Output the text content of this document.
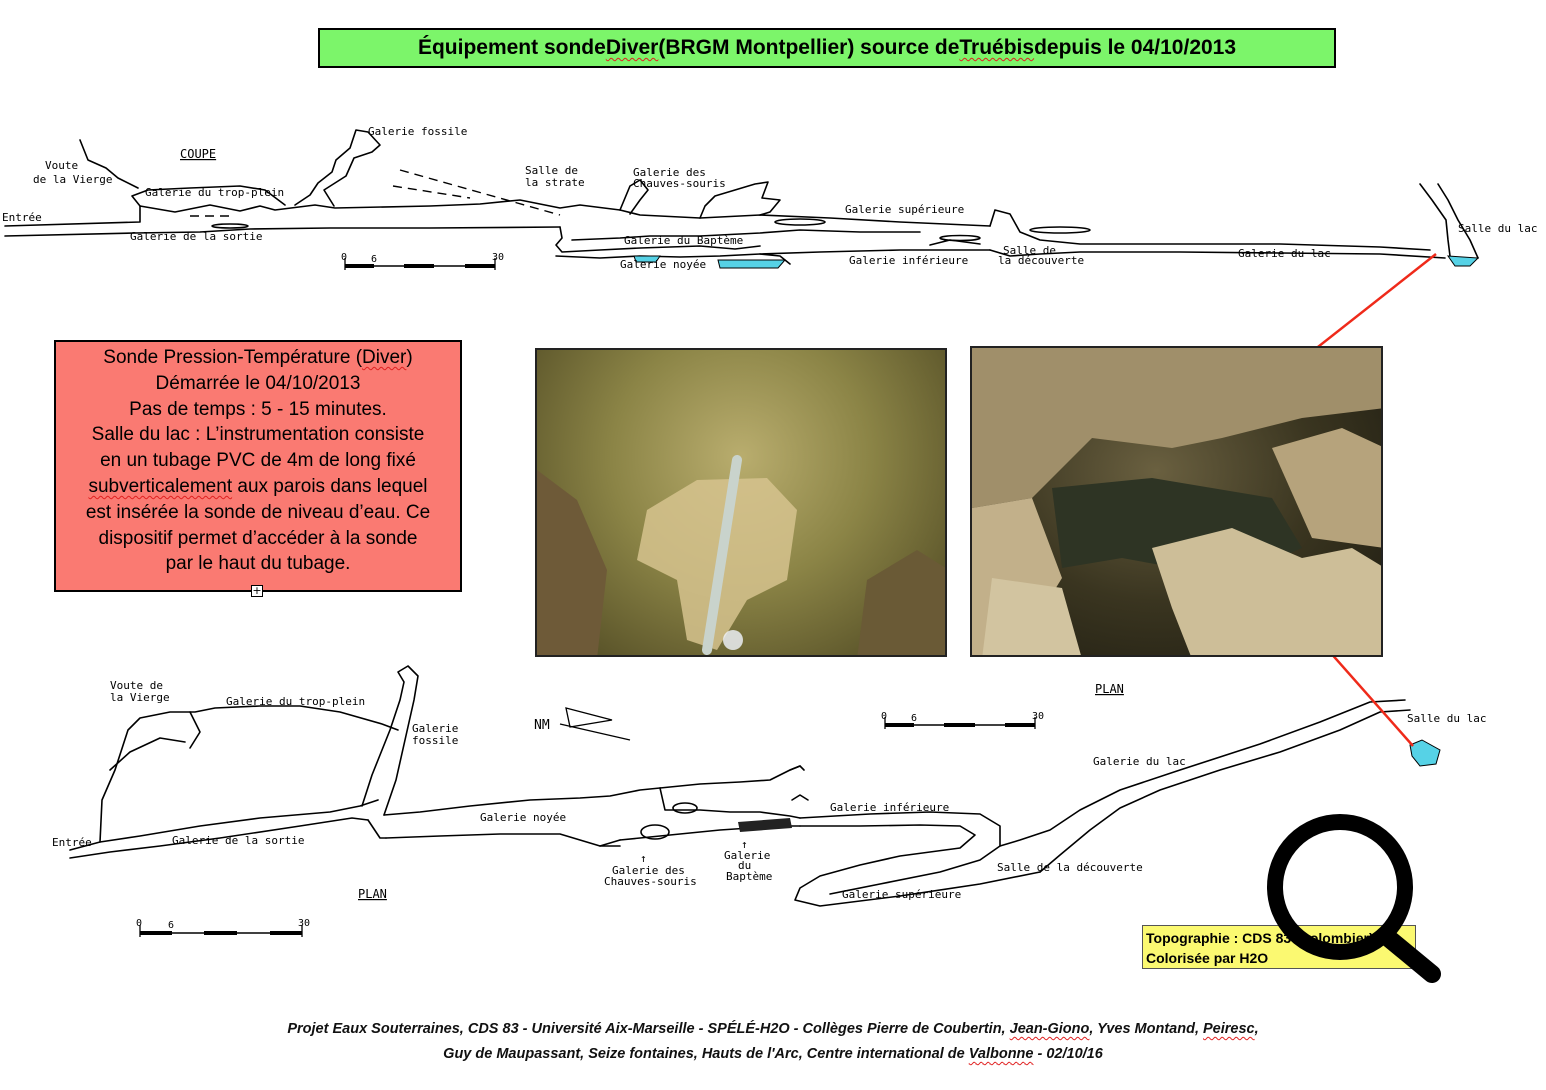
Équipement sonde Diver (BRGM Montpellier) source de Truébis depuis le 04/10/2013
COUPE
Voute
de la Vierge
Galerie fossile
Galerie du trop-plein
Entrée
Galerie de la sortie
Salle de
la strate
Galerie des
Chauves-souris
Galerie du Baptème
Galerie noyée
Galerie supérieure
Galerie inférieure
Salle de
la découverte
Galerie du lac
Salle du lac
0 6	30
NM
PLAN
PLAN
Voute de
la Vierge	Galerie du trop-plein
Galerie
fossile
Entrée	Galerie de la sortie
Galerie noyée
Galerie des
Chauves-souris
Galerie
du
Baptème
Galerie inférieure
Galerie supérieure
Salle de la découverte
Galerie du lac
Salle du lac
↑
↑
0 6	30
0	6	30
Sonde Pression-Température (Diver)
Démarrée le 04/10/2013
Pas de temps : 5 - 15 minutes.
Salle du lac : L’instrumentation consiste
en un tubage PVC de 4m de long fixé
subverticalement aux parois dans lequel
est insérée la sonde de niveau d’eau. Ce
dispositif permet d’accéder à la sonde
par le haut du tubage.
+
Topographie : CDS 83 (Colombier)
Colorisée par H2O
Projet Eaux Souterraines, CDS 83 - Université Aix-Marseille - SPÉLÉ-H2O - Collèges Pierre de Coubertin, Jean-Giono, Yves Montand, Peiresc,
Guy de Maupassant, Seize fontaines, Hauts de l'Arc, Centre international de Valbonne - 02/10/16
